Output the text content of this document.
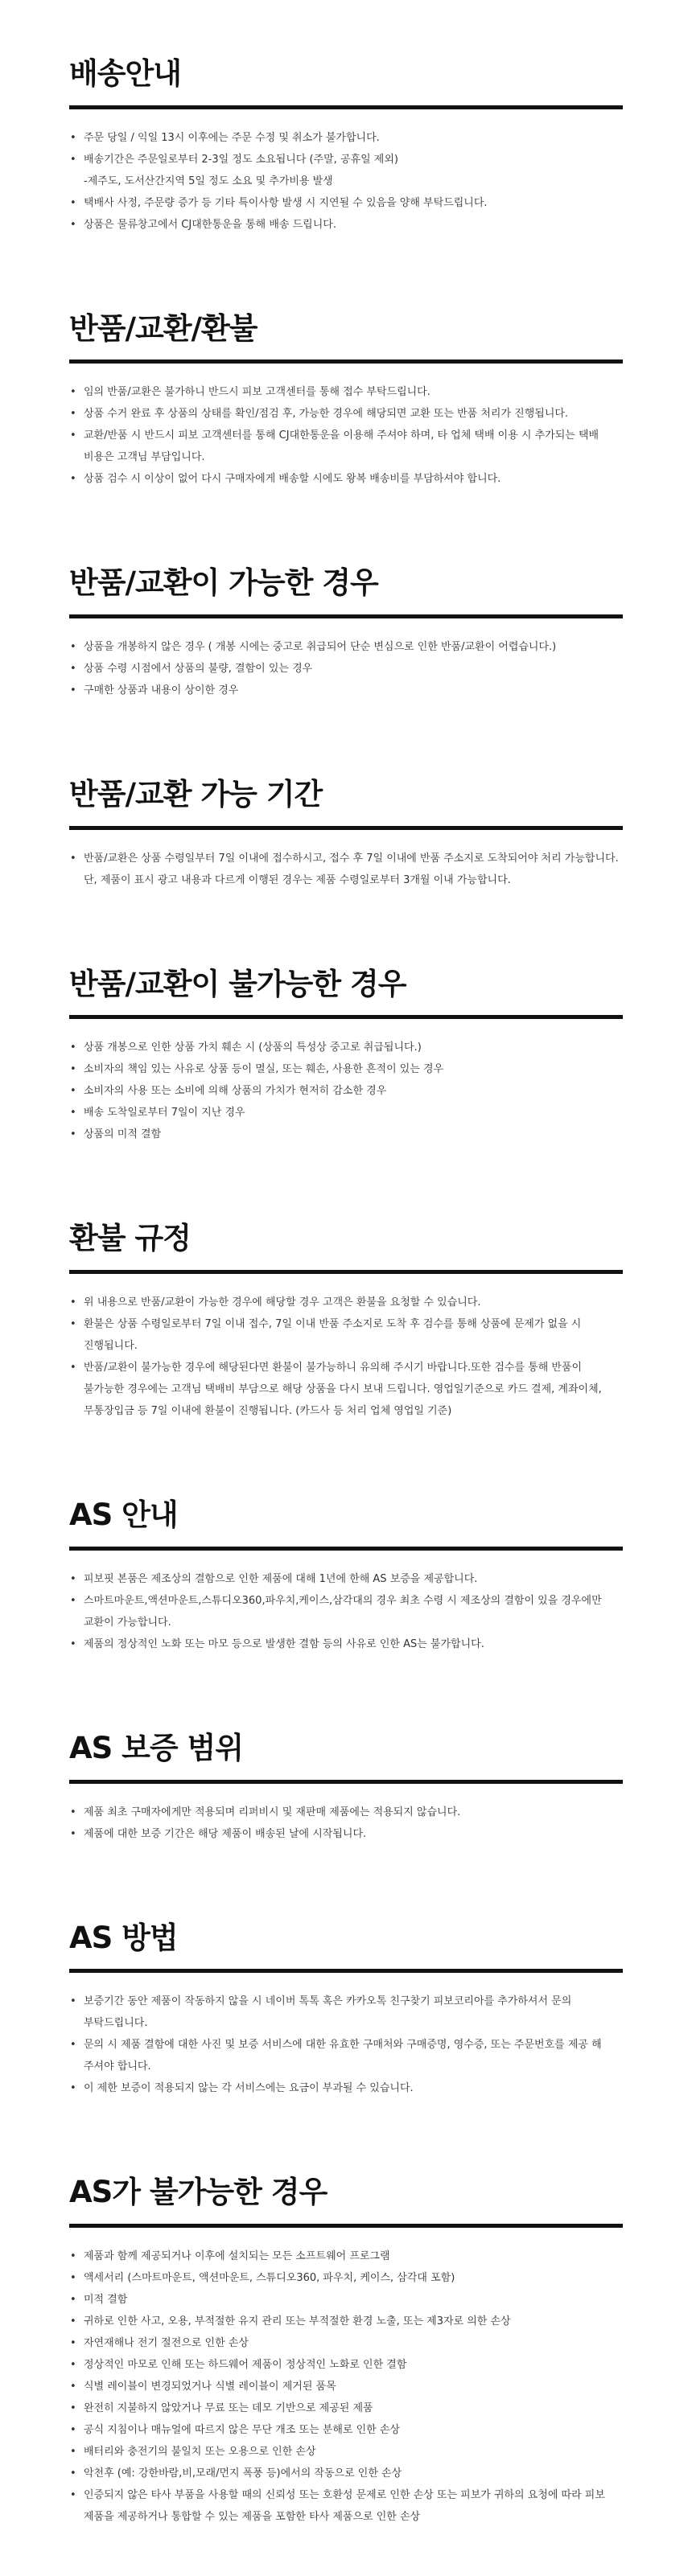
배송안내
• 주문 당일 / 익일 13시 이후에는 주문 수정 및 취소가 불가합니다.
• 배송기간은 주문일로부터 2-3일 정도 소요됩니다 (주말, 공휴일 제외)
-제주도, 도서산간지역 5일 정도 소요 및 추가비용 발생
• 택배사 사정, 주문량 증가 등 기타 특이사항 발생 시 지연될 수 있음을 양해 부탁드립니다.
• 상품은 물류창고에서 CJ대한통운을 통해 배송 드립니다.
반품/교환/환불
• 임의 반품/교환은 불가하니 반드시 피보 고객센터를 통해 접수 부탁드립니다.
• 상품 수거 완료 후 상품의 상태를 확인/점검 후, 가능한 경우에 해당되면 교환 또는 반품 처리가 진행됩니다.
• 교환/반품 시 반드시 피보 고객센터를 통해 CJ대한통운을 이용해 주셔야 하며, 타 업체 택배 이용 시 추가되는 택배 비용은 고객님 부담입니다.
• 상품 검수 시 이상이 없어 다시 구매자에게 배송할 시에도 왕복 배송비를 부담하셔야 합니다.
반품/교환이 가능한 경우
• 상품을 개봉하지 않은 경우 ( 개봉 시에는 중고로 취급되어 단순 변심으로 인한 반품/교환이 어렵습니다.)
• 상품 수령 시점에서 상품의 불량, 결함이 있는 경우
• 구매한 상품과 내용이 상이한 경우
반품/교환 가능 기간
• 반품/교환은 상품 수령일부터 7일 이내에 접수하시고, 접수 후 7일 이내에 반품 주소지로 도착되어야 처리 가능합니다.
단, 제품이 표시 광고 내용과 다르게 이행된 경우는 제품 수령일로부터 3개월 이내 가능합니다.
반품/교환이 불가능한 경우
• 상품 개봉으로 인한 상품 가치 훼손 시 (상품의 특성상 중고로 취급됩니다.)
• 소비자의 책임 있는 사유로 상품 등이 멸실, 또는 훼손, 사용한 흔적이 있는 경우
• 소비자의 사용 또는 소비에 의해 상품의 가치가 현저히 감소한 경우
• 배송 도착일로부터 7일이 지난 경우
• 상품의 미적 결함
환불 규정
• 위 내용으로 반품/교환이 가능한 경우에 해당할 경우 고객은 환불을 요청할 수 있습니다.
• 환불은 상품 수령일로부터 7일 이내 접수, 7일 이내 반품 주소지로 도착 후 검수를 통해 상품에 문제가 없을 시 진행됩니다.
• 반품/교환이 불가능한 경우에 해당된다면 환불이 불가능하니 유의해 주시기 바랍니다.또한 검수를 통해 반품이 불가능한 경우에는 고객님 택배비 부담으로 해당 상품을 다시 보내 드립니다. 영업일기준으로 카드 결제, 계좌이체, 무통장입금 등 7일 이내에 환불이 진행됩니다. (카드사 등 처리 업체 영업일 기준)
AS 안내
• 피보핏 본품은 제조상의 결함으로 인한 제품에 대해 1년에 한해 AS 보증을 제공합니다.
• 스마트마운트,액션마운트,스튜디오360,파우치,케이스,삼각대의 경우 최초 수령 시 제조상의 결함이 있을 경우에만 교환이 가능합니다.
• 제품의 정상적인 노화 또는 마모 등으로 발생한 결함 등의 사유로 인한 AS는 불가합니다.
AS 보증 범위
• 제품 최초 구매자에게만 적용되며 리퍼비시 및 재판매 제품에는 적용되지 않습니다.
• 제품에 대한 보증 기간은 해당 제품이 배송된 날에 시작됩니다.
AS 방법
• 보증기간 동안 제품이 작동하지 않을 시 네이버 톡톡 혹은 카카오톡 친구찾기 피보코리아를 추가하셔서 문의 부탁드립니다.
• 문의 시 제품 결함에 대한 사진 및 보증 서비스에 대한 유효한 구매처와 구매증명, 영수증, 또는 주문번호를 제공 해 주셔야 합니다.
• 이 제한 보증이 적용되지 않는 각 서비스에는 요금이 부과될 수 있습니다.
AS가 불가능한 경우
• 제품과 함께 제공되거나 이후에 설치되는 모든 소프트웨어 프로그램
• 액세서리 (스마트마운트, 액션마운트, 스튜디오360, 파우치, 케이스, 삼각대 포함)
• 미적 결함
• 귀하로 인한 사고, 오용, 부적절한 유지 관리 또는 부적절한 환경 노출, 또는 제3자로 의한 손상
• 자연재해나 전기 절전으로 인한 손상
• 정상적인 마모로 인해 또는 하드웨어 제품이 정상적인 노화로 인한 결함
• 식별 레이블이 변경되었거나 식별 레이블이 제거된 품목
• 완전히 지불하지 않았거나 무료 또는 데모 기반으로 제공된 제품
• 공식 지침이나 매뉴얼에 따르지 않은 무단 개조 또는 분해로 인한 손상
• 배터리와 충전기의 불일치 또는 오용으로 인한 손상
• 악천후 (예: 강한바람,비,모래/먼지 폭풍 등)에서의 작동으로 인한 손상
• 인증되지 않은 타사 부품을 사용할 때의 신뢰성 또는 호환성 문제로 인한 손상 또는 피보가 귀하의 요청에 따라 피보 제품을 제공하거나 통합할 수 있는 제품을 포함한 타사 제품으로 인한 손상
